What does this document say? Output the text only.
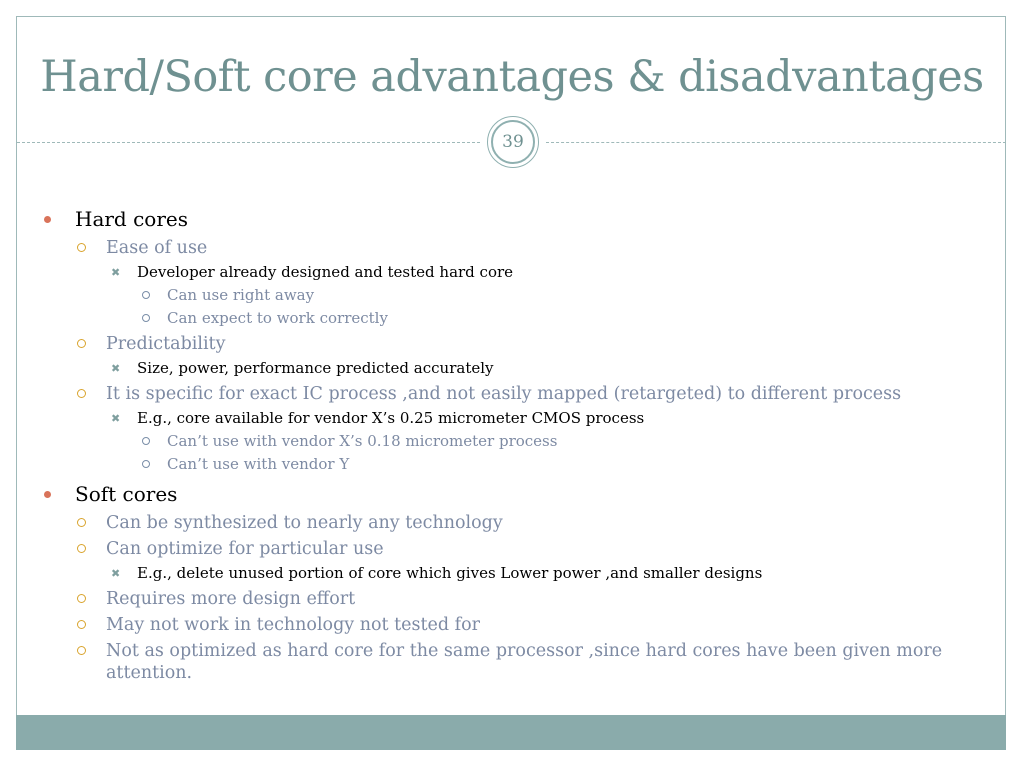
Hard/Soft core advantages & disadvantages
39
Hard cores
Ease of use
✖ Developer already designed and tested hard core
Can use right away
Can expect to work correctly
Predictability
✖ Size, power, performance predicted accurately
It is specific for exact IC process ,and not easily mapped (retargeted) to different process
✖ E.g., core available for vendor X’s 0.25 micrometer CMOS process
Can’t use with vendor X’s 0.18 micrometer process
Can’t use with vendor Y
Soft cores
Can be synthesized to nearly any technology
Can optimize for particular use
✖ E.g., delete unused portion of core which gives Lower power ,and smaller designs
Requires more design effort
May not work in technology not tested for
Not as optimized as hard core for the same processor ,since hard cores have been given more attention.
